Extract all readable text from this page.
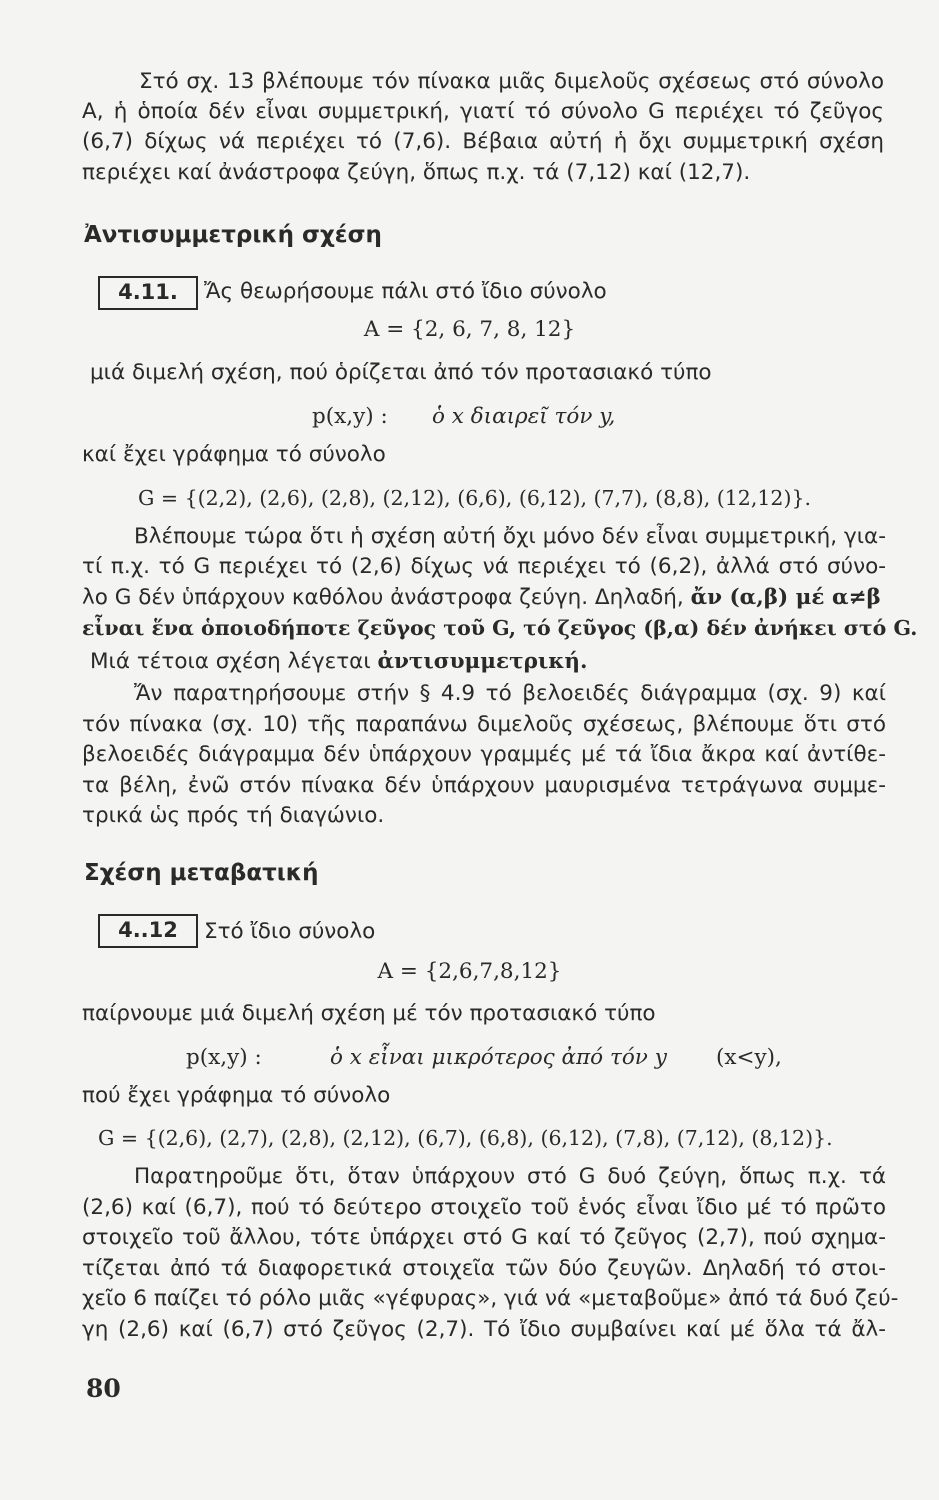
Στό σχ. 13 βλέπουμε τόν πίνακα μιᾶς διμελοῦς σχέσεως στό σύνολο
A, ἡ ὁποία δέν εἶναι συμμετρική, γιατί τό σύνολο G περιέχει τό ζεῦγος
(6,7) δίχως νά περιέχει τό (7,6). Βέβαια αὐτή ἡ ὄχι συμμετρική σχέση
περιέχει καί ἀνάστροφα ζεύγη, ὅπως π.χ. τά (7,12) καί (12,7).
Ἀντισυμμετρική σχέση
4.11.	Ἄς θεωρήσουμε πάλι στό ἴδιο σύνολο
A = {2, 6, 7, 8, 12}
μιά διμελή σχέση, πού ὁρίζεται ἀπό τόν προτασιακό τύπο
p(x,y) : ὁ x διαιρεῖ τόν y,
καί ἔχει γράφημα τό σύνολο
G = {(2,2), (2,6), (2,8), (2,12), (6,6), (6,12), (7,7), (8,8), (12,12)}.
Βλέπουμε τώρα ὅτι ἡ σχέση αὐτή ὄχι μόνο δέν εἶναι συμμετρική, για-
τί π.χ. τό G περιέχει τό (2,6) δίχως νά περιέχει τό (6,2), ἀλλά στό σύνο-
λο G δέν ὑπάρχουν καθόλου ἀνάστροφα ζεύγη. Δηλαδή, ἄν (α,β) μέ α≠β
εἶναι ἕνα ὁποιοδήποτε ζεῦγος τοῦ G, τό ζεῦγος (β,α) δέν ἀνήκει στό G.
Μιά τέτοια σχέση λέγεται ἀντισυμμετρική.
Ἄν παρατηρήσουμε στήν § 4.9 τό βελοειδές διάγραμμα (σχ. 9) καί
τόν πίνακα (σχ. 10) τῆς παραπάνω διμελοῦς σχέσεως, βλέπουμε ὅτι στό
βελοειδές διάγραμμα δέν ὑπάρχουν γραμμές μέ τά ἴδια ἄκρα καί ἀντίθε-
τα βέλη, ἐνῶ στόν πίνακα δέν ὑπάρχουν μαυρισμένα τετράγωνα συμμε-
τρικά ὡς πρός τή διαγώνιο.
Σχέση μεταβατική
4..12	Στό ἴδιο σύνολο
A = {2,6,7,8,12}
παίρνουμε μιά διμελή σχέση μέ τόν προτασιακό τύπο
p(x,y) :	ὁ x εἶναι μικρότερος ἀπό τόν y (x<y),
πού ἔχει γράφημα τό σύνολο
G = {(2,6), (2,7), (2,8), (2,12), (6,7), (6,8), (6,12), (7,8), (7,12), (8,12)}.
Παρατηροῦμε ὅτι, ὅταν ὑπάρχουν στό G δυό ζεύγη, ὅπως π.χ. τά
(2,6) καί (6,7), πού τό δεύτερο στοιχεῖο τοῦ ἑνός εἶναι ἴδιο μέ τό πρῶτο
στοιχεῖο τοῦ ἄλλου, τότε ὑπάρχει στό G καί τό ζεῦγος (2,7), πού σχημα-
τίζεται ἀπό τά διαφορετικά στοιχεῖα τῶν δύο ζευγῶν. Δηλαδή τό στοι-
χεῖο 6 παίζει τό ρόλο μιᾶς «γέφυρας», γιά νά «μεταβοῦμε» ἀπό τά δυό ζεύ-
γη (2,6) καί (6,7) στό ζεῦγος (2,7). Τό ἴδιο συμβαίνει καί μέ ὅλα τά ἄλ-
80
